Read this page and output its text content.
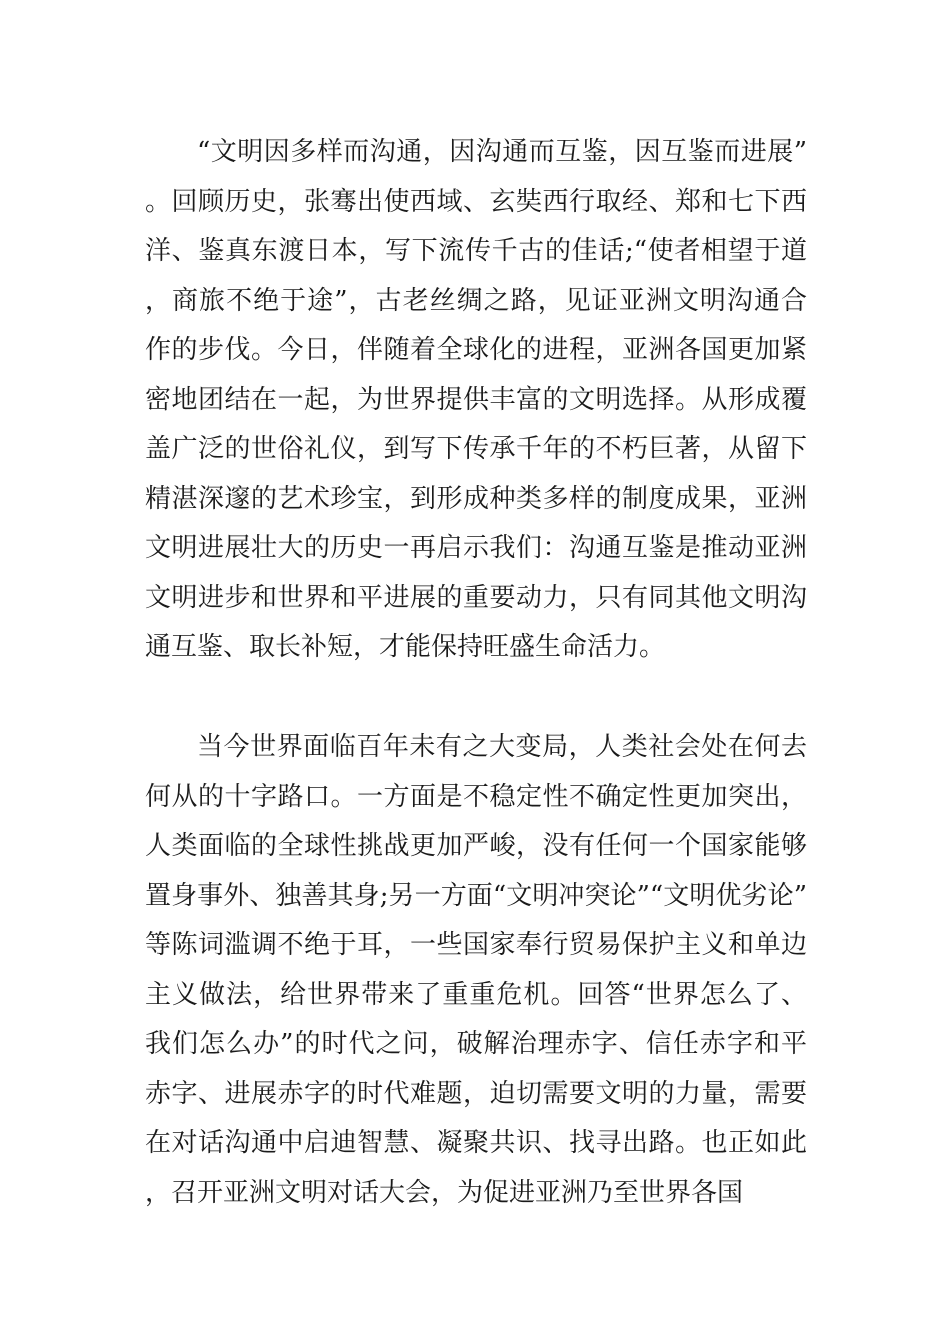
“文明因多样而沟通，因沟通而互鉴，因互鉴而进展”。回顾历史，张骞出使西域、玄奘西行取经、郑和七下西洋、鉴真东渡日本，写下流传千古的佳话;“使者相望于道，商旅不绝于途”，古老丝绸之路，见证亚洲文明沟通合作的步伐。今日，伴随着全球化的进程，亚洲各国更加紧密地团结在一起，为世界提供丰富的文明选择。从形成覆盖广泛的世俗礼仪，到写下传承千年的不朽巨著，从留下精湛深邃的艺术珍宝，到形成种类多样的制度成果，亚洲文明进展壮大的历史一再启示我们：沟通互鉴是推动亚洲文明进步和世界和平进展的重要动力，只有同其他文明沟通互鉴、取长补短，才能保持旺盛生命活力。

当今世界面临百年未有之大变局，人类社会处在何去何从的十字路口。一方面是不稳定性不确定性更加突出，人类面临的全球性挑战更加严峻，没有任何一个国家能够置身事外、独善其身;另一方面“文明冲突论”“文明优劣论”等陈词滥调不绝于耳，一些国家奉行贸易保护主义和单边主义做法，给世界带来了重重危机。回答“世界怎么了、我们怎么办”的时代之问，破解治理赤字、信任赤字和平赤字、进展赤字的时代难题，迫切需要文明的力量，需要在对话沟通中启迪智慧、凝聚共识、找寻出路。也正如此，召开亚洲文明对话大会，为促进亚洲乃至世界各国
